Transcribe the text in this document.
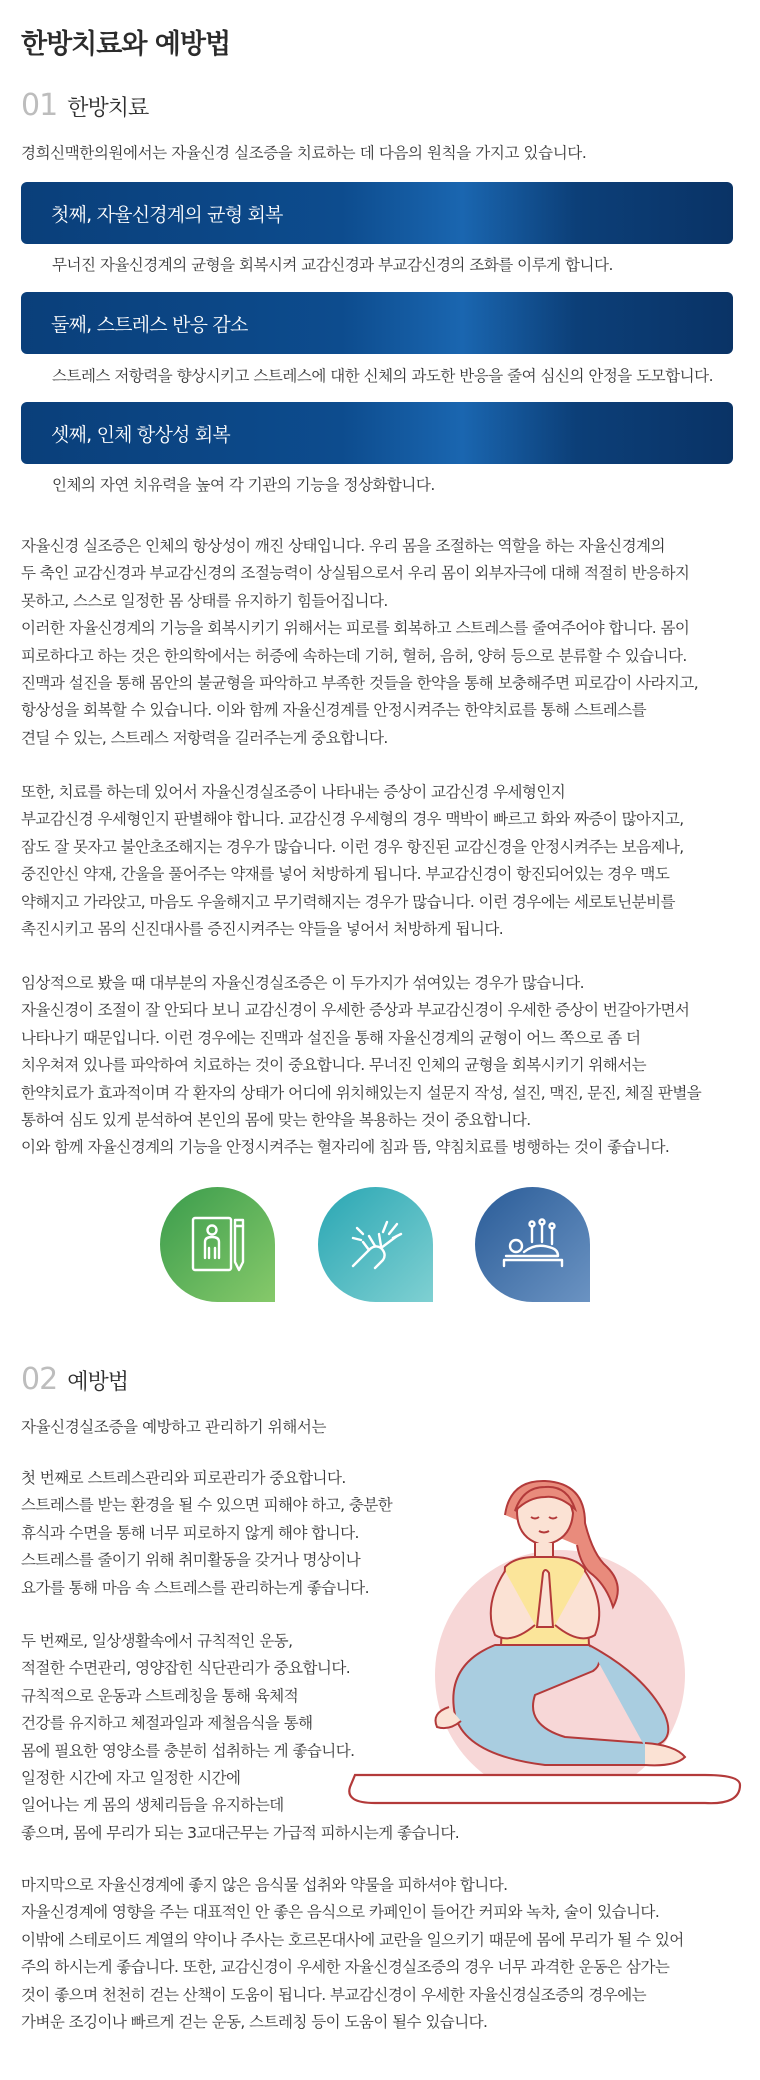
한방치료와 예방법
01 한방치료
경희신맥한의원에서는 자율신경 실조증을 치료하는 데 다음의 원칙을 가지고 있습니다.
첫째, 자율신경계의 균형 회복
무너진 자율신경계의 균형을 회복시켜 교감신경과 부교감신경의 조화를 이루게 합니다.
둘째, 스트레스 반응 감소
스트레스 저항력을 향상시키고 스트레스에 대한 신체의 과도한 반응을 줄여 심신의 안정을 도모합니다.
셋째, 인체 항상성 회복
인체의 자연 치유력을 높여 각 기관의 기능을 정상화합니다.
자율신경 실조증은 인체의 항상성이 깨진 상태입니다. 우리 몸을 조절하는 역할을 하는 자율신경계의
두 축인 교감신경과 부교감신경의 조절능력이 상실됨으로서 우리 몸이 외부자극에 대해 적절히 반응하지
못하고, 스스로 일정한 몸 상태를 유지하기 힘들어집니다.
이러한 자율신경계의 기능을 회복시키기 위해서는 피로를 회복하고 스트레스를 줄여주어야 합니다. 몸이
피로하다고 하는 것은 한의학에서는 허증에 속하는데 기허, 혈허, 음허, 양허 등으로 분류할 수 있습니다.
진맥과 설진을 통해 몸안의 불균형을 파악하고 부족한 것들을 한약을 통해 보충해주면 피로감이 사라지고,
항상성을 회복할 수 있습니다. 이와 함께 자율신경계를 안정시켜주는 한약치료를 통해 스트레스를
견딜 수 있는, 스트레스 저항력을 길러주는게 중요합니다.
또한, 치료를 하는데 있어서 자율신경실조증이 나타내는 증상이 교감신경 우세형인지
부교감신경 우세형인지 판별해야 합니다. 교감신경 우세형의 경우 맥박이 빠르고 화와 짜증이 많아지고,
잠도 잘 못자고 불안초조해지는 경우가 많습니다. 이런 경우 항진된 교감신경을 안정시켜주는 보음제나,
중진안신 약재, 간울을 풀어주는 약재를 넣어 처방하게 됩니다. 부교감신경이 항진되어있는 경우 맥도
약해지고 가라앉고, 마음도 우울해지고 무기력해지는 경우가 많습니다. 이런 경우에는 세로토닌분비를
촉진시키고 몸의 신진대사를 증진시켜주는 약들을 넣어서 처방하게 됩니다.
임상적으로 봤을 때 대부분의 자율신경실조증은 이 두가지가 섞여있는 경우가 많습니다.
자율신경이 조절이 잘 안되다 보니 교감신경이 우세한 증상과 부교감신경이 우세한 증상이 번갈아가면서
나타나기 때문입니다. 이런 경우에는 진맥과 설진을 통해 자율신경계의 균형이 어느 쪽으로 좀 더
치우쳐져 있나를 파악하여 치료하는 것이 중요합니다. 무너진 인체의 균형을 회복시키기 위해서는
한약치료가 효과적이며 각 환자의 상태가 어디에 위치해있는지 설문지 작성, 설진, 맥진, 문진, 체질 판별을
통하여 심도 있게 분석하여 본인의 몸에 맞는 한약을 복용하는 것이 중요합니다.
이와 함께 자율신경계의 기능을 안정시켜주는 혈자리에 침과 뜸, 약침치료를 병행하는 것이 좋습니다.
02 예방법
자율신경실조증을 예방하고 관리하기 위해서는
첫 번째로 스트레스관리와 피로관리가 중요합니다.
스트레스를 받는 환경을 될 수 있으면 피해야 하고, 충분한
휴식과 수면을 통해 너무 피로하지 않게 해야 합니다.
스트레스를 줄이기 위해 취미활동을 갖거나 명상이나
요가를 통해 마음 속 스트레스를 관리하는게 좋습니다.
두 번째로, 일상생활속에서 규칙적인 운동,
적절한 수면관리, 영양잡힌 식단관리가 중요합니다.
규칙적으로 운동과 스트레칭을 통해 육체적
건강를 유지하고 체절과일과 제철음식을 통해
몸에 필요한 영양소를 충분히 섭취하는 게 좋습니다.
일정한 시간에 자고 일정한 시간에
일어나는 게 몸의 생체리듬을 유지하는데
좋으며, 몸에 무리가 되는 3교대근무는 가급적 피하시는게 좋습니다.
마지막으로 자율신경계에 좋지 않은 음식물 섭취와 약물을 피하셔야 합니다.
자율신경계에 영향을 주는 대표적인 안 좋은 음식으로 카페인이 들어간 커피와 녹차, 술이 있습니다.
이밖에 스테로이드 계열의 약이나 주사는 호르몬대사에 교란을 일으키기 때문에 몸에 무리가 될 수 있어
주의 하시는게 좋습니다. 또한, 교감신경이 우세한 자율신경실조증의 경우 너무 과격한 운동은 삼가는
것이 좋으며 천천히 걷는 산책이 도움이 됩니다. 부교감신경이 우세한 자율신경실조증의 경우에는
가벼운 조깅이나 빠르게 걷는 운동, 스트레칭 등이 도움이 될수 있습니다.
